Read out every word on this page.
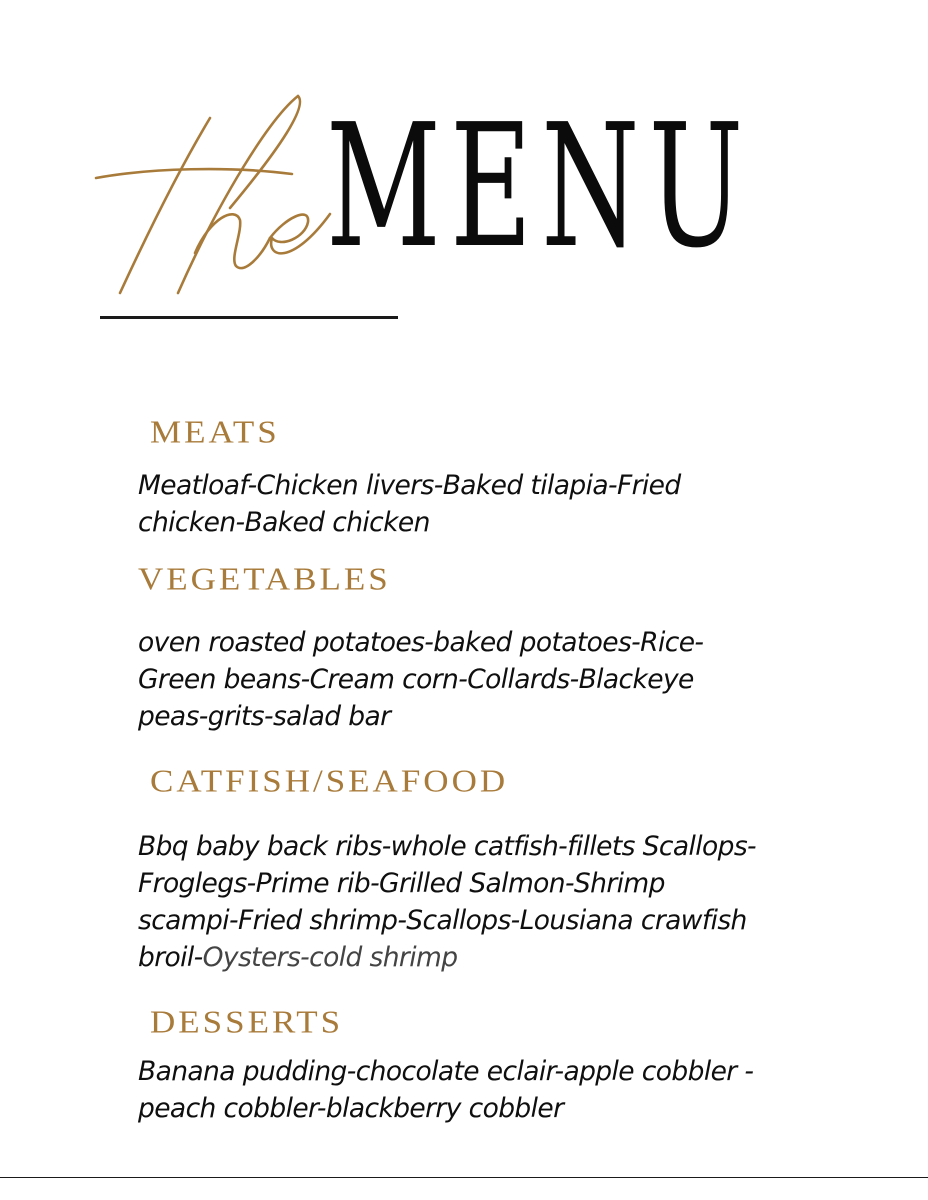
MENU
MEATS
Meatloaf-Chicken livers-Baked tilapia-Fried chicken-Baked chicken
VEGETABLES
oven roasted potatoes-baked potatoes-Rice-Green beans-Cream corn-Collards-Blackeye peas-grits-salad bar
CATFISH/SEAFOOD
Bbq baby back ribs-whole catfish-fillets Scallops-Froglegs-Prime rib-Grilled Salmon-Shrimp scampi-Fried shrimp-Scallops-Lousiana crawfish broil-Oysters-cold shrimp
DESSERTS
Banana pudding-chocolate eclair-apple cobbler -peach cobbler-blackberry cobbler
